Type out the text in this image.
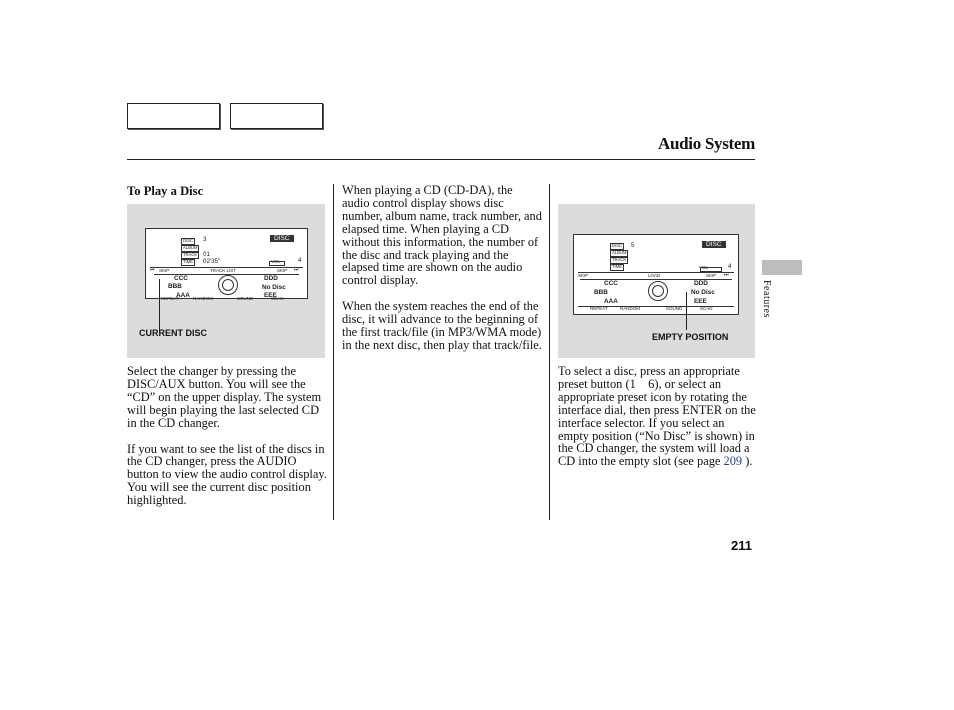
Audio System
To Play a Disc
DISC
ALBUM
TRACK
TIME
3
01
02'35"
DISC
VOL	4
⏮ SKIP	TRACK LIST	SKIP ⏭
CCC	DDD
BBB	No Disc
AAA	EEE
CURRENT DISC

Select the changer by pressing the DISC/AUX button. You will see the “CD” on the upper display. The system will begin playing the last selected CD in the CD changer.

If you want to see the list of the discs in the CD changer, press the AUDIO button to view the audio control display. You will see the current disc position highlighted.

When playing a CD (CD-DA), the audio control display shows disc number, album name, track number, and elapsed time. When playing a CD without this information, the number of the disc and track playing and the elapsed time are shown on the audio control display.

When the system reaches the end of the disc, it will advance to the beginning of the first track/file (in MP3/WMA mode) in the next disc, then play that track/file.

DISC
ALBUM
TRACK
TIME
5	DISC
VOL	4
SKIP	LOAD	SKIP ⏭
CCC	DDD
BBB	No Disc
AAA	EEE
REPEAT	RANDOM	SOUND	SCAN
EMPTY POSITION

To select a disc, press an appropriate preset button (1    6), or select an appropriate preset icon by rotating the interface dial, then press ENTER on the interface selector. If you select an empty position (“No Disc” is shown) in the CD changer, the system will load a CD into the empty slot (see page 209 ).

Features
211
REPEAT	RANDOM	SOUND	SCAN
